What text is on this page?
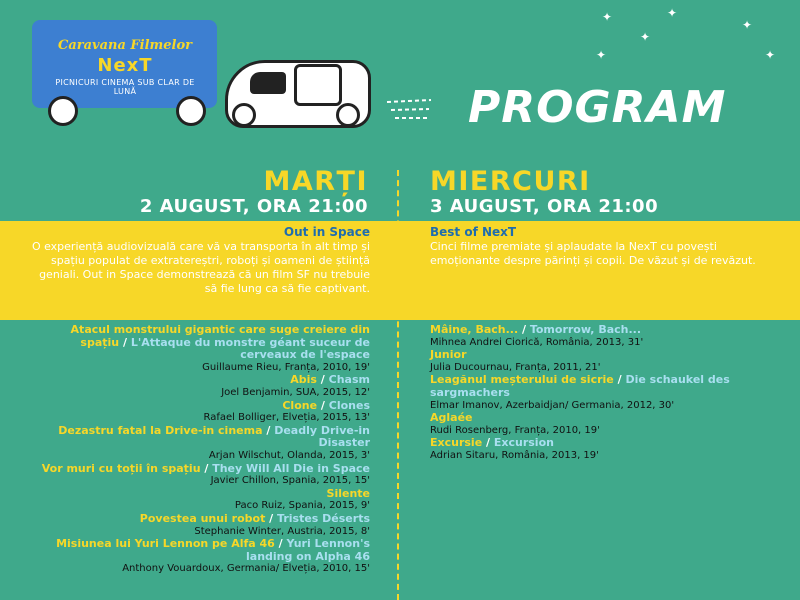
Caravana Filmelor
NexT
PICNICURI CINEMA SUB CLAR DE LUNĂ
✦
✦
✦
✦
✦
✦
PROGRAM
MARȚI
2 AUGUST, ORA 21:00
MIERCURI
3 AUGUST, ORA 21:00
Out in Space
O experiență audiovizuală care vă va transporta în alt timp și spațiu populat de extratereștri, roboți și oameni de știință geniali. Out in Space demonstrează că un film SF nu trebuie să fie lung ca să fie captivant.
Best of NexT
Cinci filme premiate și aplaudate la NexT cu povești emoționante despre părinți și copii. De văzut și de revăzut.
Atacul monstrului gigantic care suge creiere din spațiu / L'Attaque du monstre géant suceur de cerveaux de l'espace
Guillaume Rieu, Franța, 2010, 19'
Abis / Chasm
Joel Benjamin, SUA, 2015, 12'
Clone / Clones
Rafael Bolliger, Elveția, 2015, 13'
Dezastru fatal la Drive-in cinema / Deadly Drive-in Disaster
Arjan Wilschut, Olanda, 2015, 3'
Vor muri cu toții în spațiu / They Will All Die in Space
Javier Chillon, Spania, 2015, 15'
Silente
Paco Ruiz, Spania, 2015, 9'
Povestea unui robot / Tristes Déserts
Stephanie Winter, Austria, 2015, 8'
Misiunea lui Yuri Lennon pe Alfa 46 / Yuri Lennon's landing on Alpha 46
Anthony Vouardoux, Germania/ Elveția, 2010, 15'
Mâine, Bach... / Tomorrow, Bach...
Mihnea Andrei Ciorică, România, 2013, 31'
Junior
Julia Ducournau, Franța, 2011, 21'
Leagănul meșterului de sicrie / Die schaukel des sargmachers
Elmar Imanov, Azerbaidjan/ Germania, 2012, 30'
Aglaée
Rudi Rosenberg, Franța, 2010, 19'
Excursie / Excursion
Adrian Sitaru, România, 2013, 19'
